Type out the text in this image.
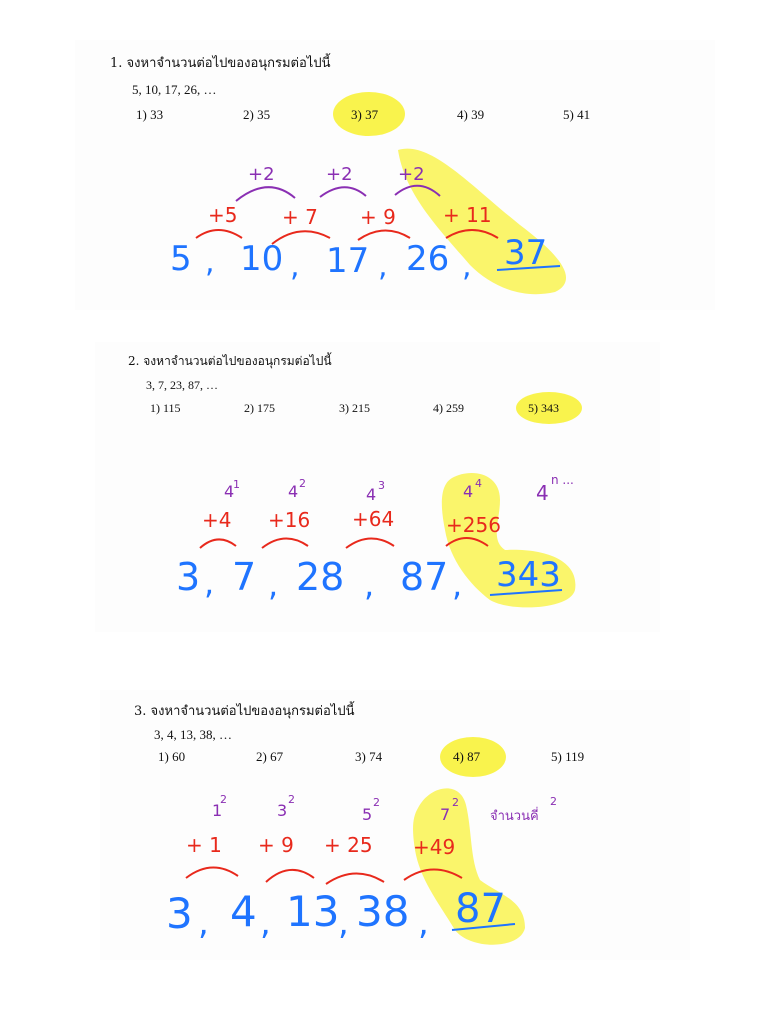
1. จงหาจำนวนต่อไปของอนุกรมต่อไปนี้
5, 10, 17, 26, …
1) 33	2) 35	3) 37	4) 39	5) 41
2. จงหาจำนวนต่อไปของอนุกรมต่อไปนี้
3, 7, 23, 87, …
1) 115	2) 175	3) 215	4) 259	5) 343
3. จงหาจำนวนต่อไปของอนุกรมต่อไปนี้
3, 4, 13, 38, …
1) 60	2) 67	3) 74	4) 87	5) 119
+2	+2	+2
+5 + 7 + 9 + 11
5 , 10 , 17 , 26 , 37
4
1	4 2
4 3	4 4	4
n ...
+4 +16 +64	+256
3 , 7 , 28 , 87 , 343
1
2
3
2
5
2
7
2
จำนวนคี่
2
+ 1 + 9 + 25 +49
3 , 4 , 13
, 38 , 87
